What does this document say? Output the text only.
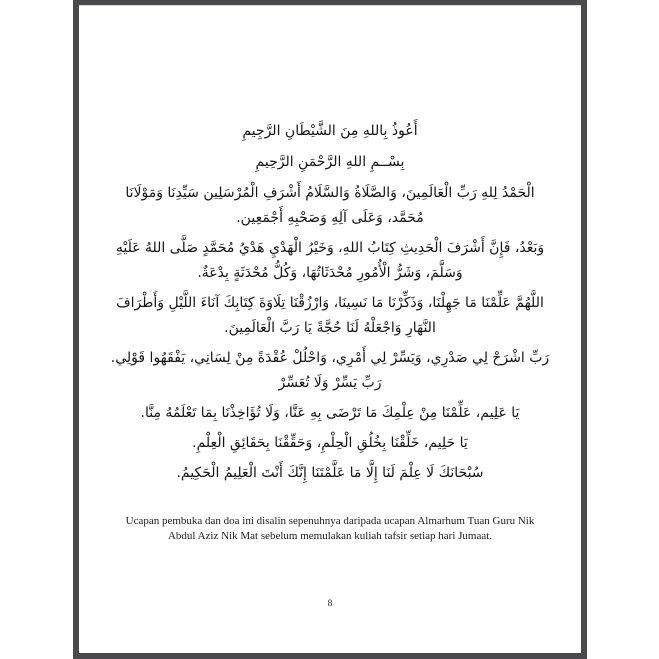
أَعُوذُ بِاللهِ مِنَ الشَّيْطَانِ الرَّجِيمِ

بِسْــمِ اللهِ الرَّحْمَنِ الرَّحِيمِ

الْحَمْدُ لِلهِ رَبِّ الْعَالَمِينَ، وَالصَّلَاةُ وَالسَّلَامُ أَشْرَفِ الْمُرْسَلِين سَيِّدِنَا وَمَوْلَانَا مُحَمَّد، وَعَلَى آلِهِ وَصَحْبِهِ أَجْمَعِين.

وَبَعْدُ، فَإِنَّ أَشْرَفَ الْحَدِيثِ كِتَابُ اللهِ، وَخَيْرُ الْهَدْيِ هَدْيُ مُحَمَّدٍ صَلَّى اللهُ عَلَيْهِ وَسَلَّمَ، وَشَرُّ الْأُمُورِ مُحْدَثَاتُهَا، وَكُلُّ مُحْدَثَةٍ بِدْعَةٌ.

اللَّهُمَّ عَلِّمْنَا مَا جَهِلْنَا، وَذَكِّرْنَا مَا نَسِينَا، وَارْزُقْنَا تِلَاوَةَ كِتَابِكَ آنَاءَ اللَّيْلِ وَأَطْرَافَ النَّهَارِ وَاجْعَلْهُ لَنَا حُجَّةً يَا رَبَّ الْعَالَمِينَ.

رَبِّ اشْرَحْ لِي صَدْرِي، وَيَسِّرْ لِي أَمْرِي، وَاحْلُلْ عُقْدَةً مِنْ لِسَانِي، يَفْقَهُوا قَوْلِي. رَبِّ يَسِّرْ وَلَا تُعَسِّرْ

يَا عَلِيم، عَلِّمْنَا مِنْ عِلْمِكَ مَا تَرْضَى بِهِ عَنَّا، وَلَا تُؤَاخِذْنَا بِمَا تَعْلَمُهُ مِنَّا.

يَا حَلِيم، خَلِّقْنَا بِخُلُقِ الْحِلْمِ، وَحَقِّقْنَا بِحَقَائِقِ الْعِلْمِ.

سُبْحَانَكَ لَا عِلْمَ لَنَا إِلَّا مَا عَلَّمْتَنَا إِنَّكَ أَنْتَ الْعَلِيمُ الْحَكِيمُ.

Ucapan pembuka dan doa ini disalin sepenuhnya daripada ucapan Almarhum Tuan Guru Nik Abdul Aziz Nik Mat sebelum memulakan kuliah tafsir setiap hari Jumaat.

8
